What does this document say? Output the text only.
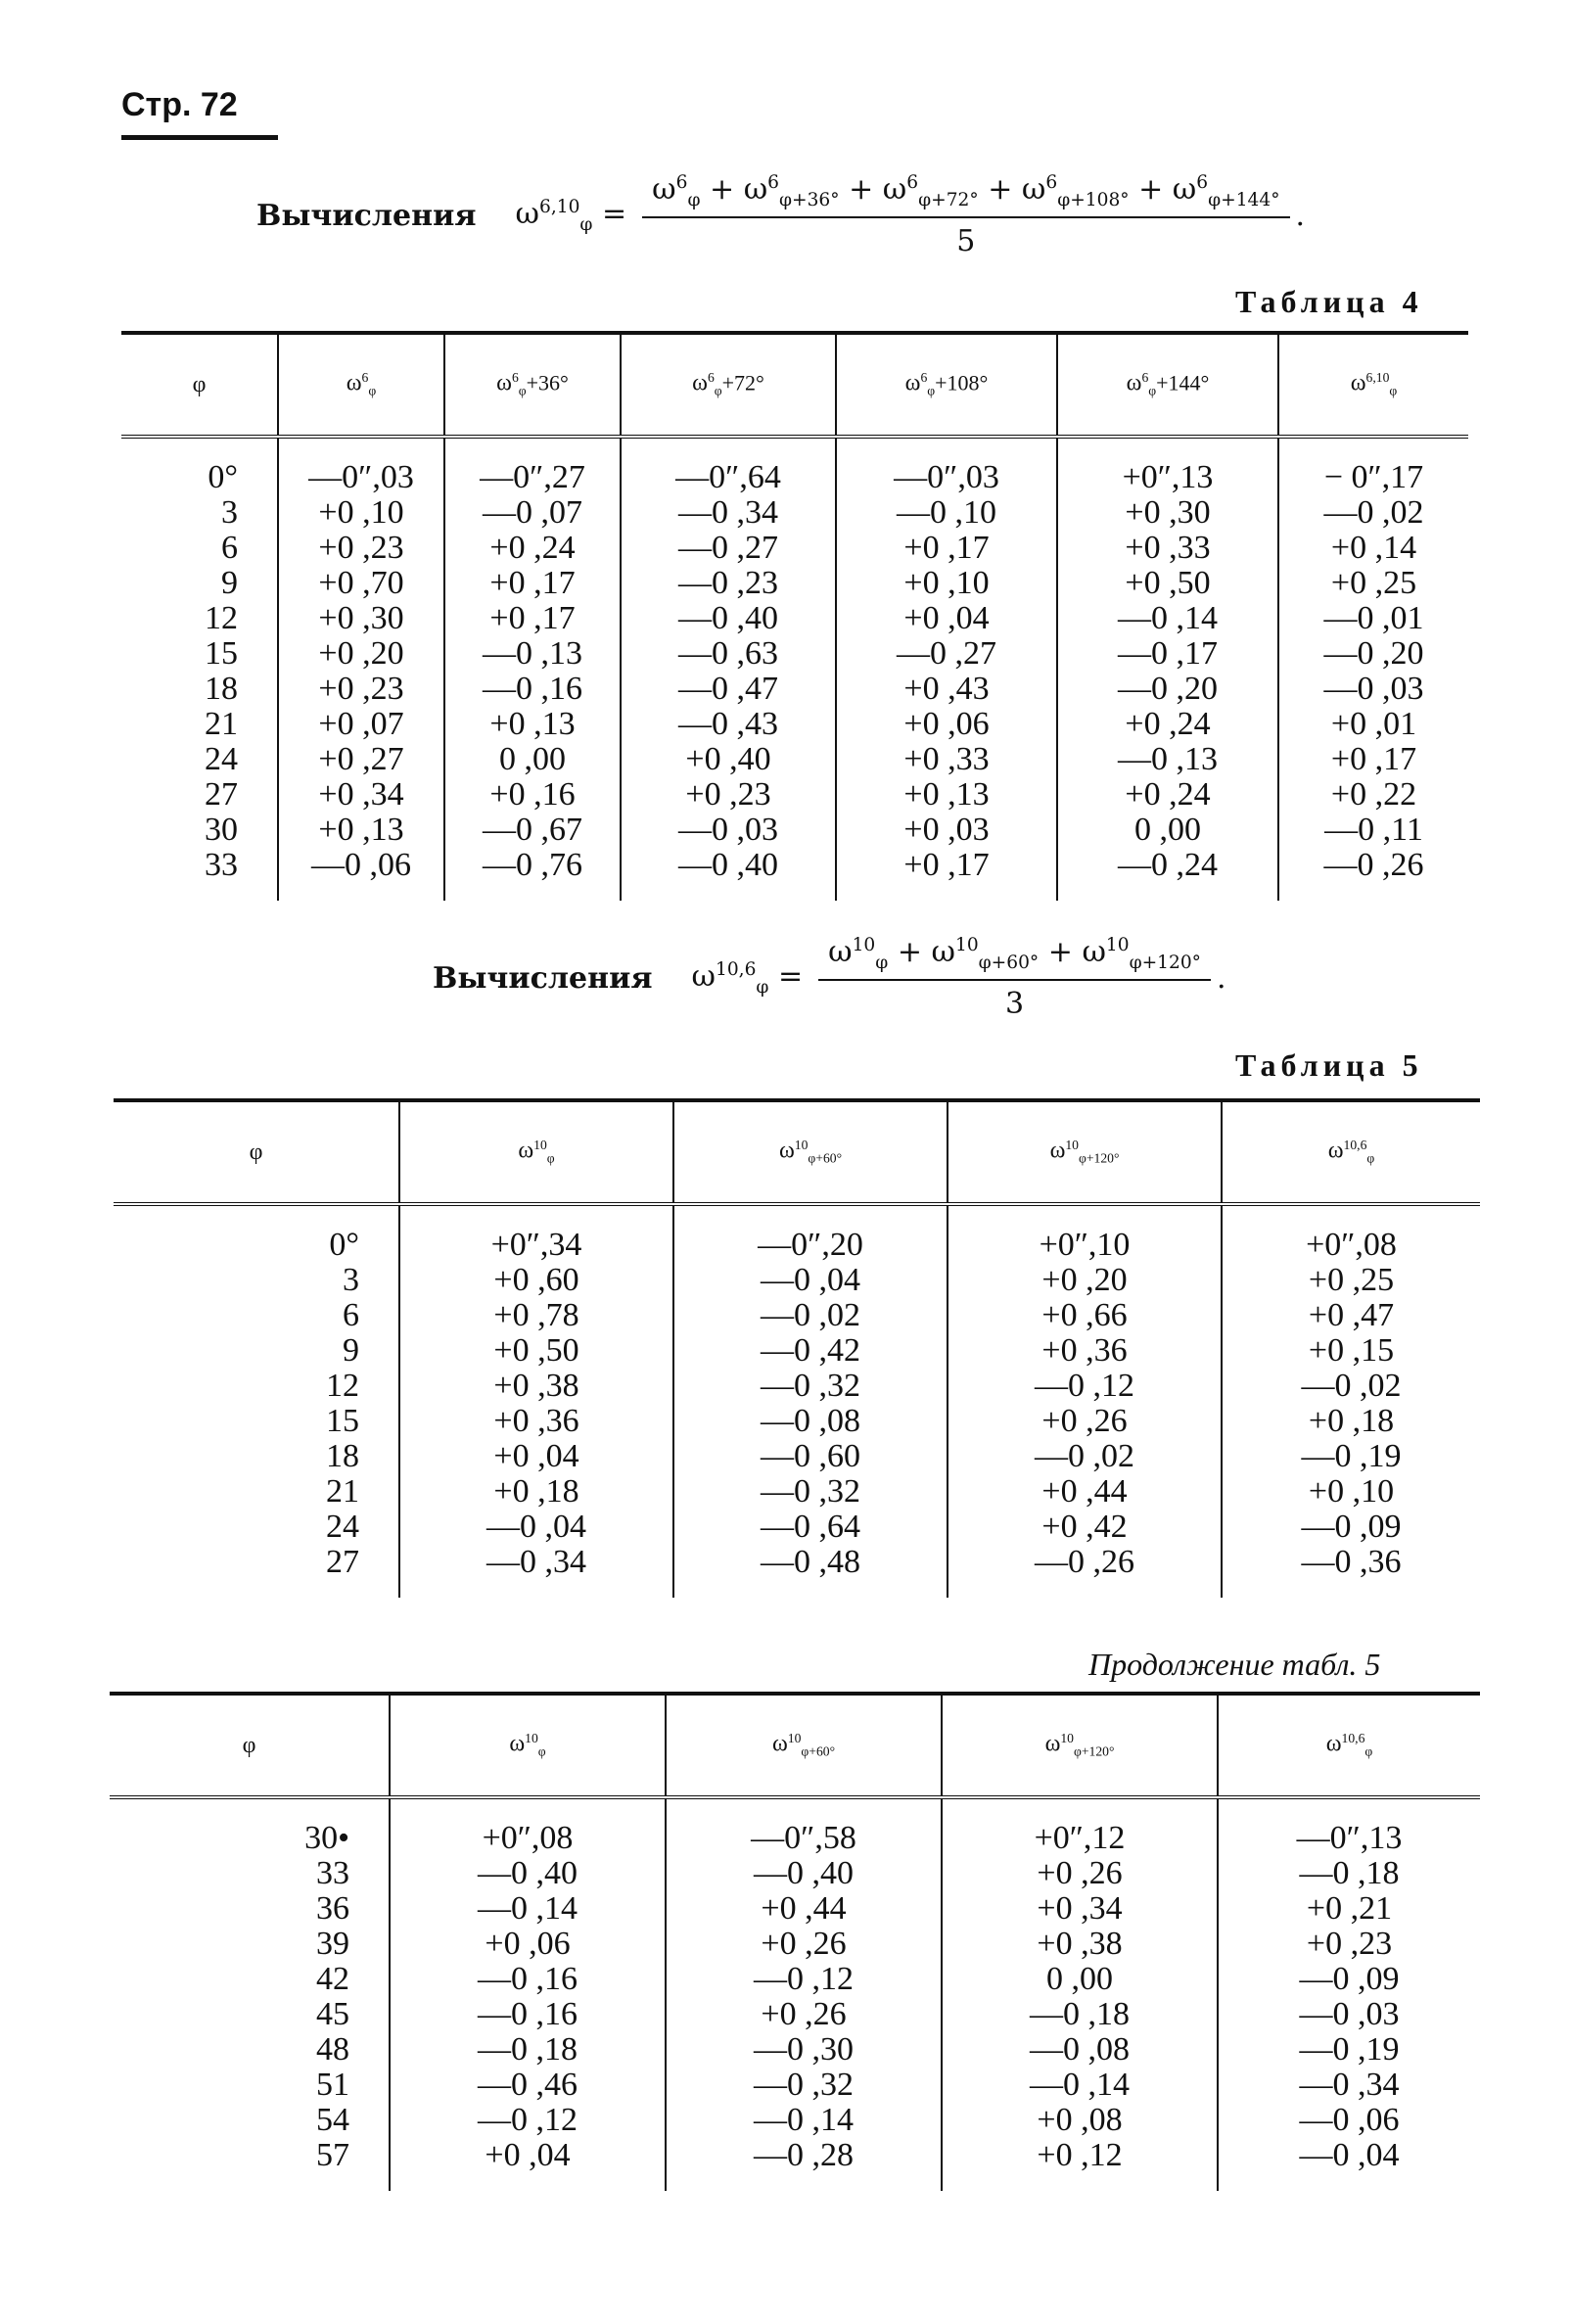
Стр. 72
Вычисления $\omega^{6,10}_\varphi = \frac{\omega^6_\varphi + \omega^6_{\varphi+36^\circ} + \omega^6_{\varphi+72^\circ} + \omega^6_{\varphi+108^\circ} + \omega^6_{\varphi+144^\circ}}{5}$ .
Таблица 4
φ	$\omega^6_\varphi$	$\omega^6_\varphi+36^\circ$	$\omega^6_\varphi+72^\circ$	$\omega^6_\varphi+108^\circ$	$\omega^6_\varphi+144^\circ$	$\omega^{6,10}_\varphi$
0°	—0″,03	—0″,27	—0″,64	—0″,03	+0″,13	− 0″,17
3	+0 ,10	—0 ,07	—0 ,34	—0 ,10	+0 ,30	—0 ,02
6	+0 ,23	+0 ,24	—0 ,27	+0 ,17	+0 ,33	+0 ,14
9	+0 ,70	+0 ,17	—0 ,23	+0 ,10	+0 ,50	+0 ,25
12	+0 ,30	+0 ,17	—0 ,40	+0 ,04	—0 ,14	—0 ,01
15	+0 ,20	—0 ,13	—0 ,63	—0 ,27	—0 ,17	—0 ,20
18	+0 ,23	—0 ,16	—0 ,47	+0 ,43	—0 ,20	—0 ,03
21	+0 ,07	+0 ,13	—0 ,43	+0 ,06	+0 ,24	+0 ,01
24	+0 ,27	0 ,00	+0 ,40	+0 ,33	—0 ,13	+0 ,17
27	+0 ,34	+0 ,16	+0 ,23	+0 ,13	+0 ,24	+0 ,22
30	+0 ,13	—0 ,67	—0 ,03	+0 ,03	0 ,00	—0 ,11
33	—0 ,06	—0 ,76	—0 ,40	+0 ,17	—0 ,24	—0 ,26
Вычисления $\omega^{10,6}_\varphi = \frac{\omega^{10}_\varphi + \omega^{10}_{\varphi+60^\circ} + \omega^{10}_{\varphi+120^\circ}}{3}$ .
Таблица 5
φ	$\omega^{10}_\varphi$	$\omega^{10}_{\varphi+60^\circ}$	$\omega^{10}_{\varphi+120^\circ}$	$\omega^{10,6}_\varphi$
0°	+0″,34	—0″,20	+0″,10	+0″,08
3	+0 ,60	—0 ,04	+0 ,20	+0 ,25
6	+0 ,78	—0 ,02	+0 ,66	+0 ,47
9	+0 ,50	—0 ,42	+0 ,36	+0 ,15
12	+0 ,38	—0 ,32	—0 ,12	—0 ,02
15	+0 ,36	—0 ,08	+0 ,26	+0 ,18
18	+0 ,04	—0 ,60	—0 ,02	—0 ,19
21	+0 ,18	—0 ,32	+0 ,44	+0 ,10
24	—0 ,04	—0 ,64	+0 ,42	—0 ,09
27	—0 ,34	—0 ,48	—0 ,26	—0 ,36
Продолжение табл. 5
φ	$\omega^{10}_\varphi$	$\omega^{10}_{\varphi+60^\circ}$	$\omega^{10}_{\varphi+120^\circ}$	$\omega^{10,6}_\varphi$
30•	+0″,08	—0″,58	+0″,12	—0″,13
33	—0 ,40	—0 ,40	+0 ,26	—0 ,18
36	—0 ,14	+0 ,44	+0 ,34	+0 ,21
39	+0 ,06	+0 ,26	+0 ,38	+0 ,23
42	—0 ,16	—0 ,12	0 ,00	—0 ,09
45	—0 ,16	+0 ,26	—0 ,18	—0 ,03
48	—0 ,18	—0 ,30	—0 ,08	—0 ,19
51	—0 ,46	—0 ,32	—0 ,14	—0 ,34
54	—0 ,12	—0 ,14	+0 ,08	—0 ,06
57	+0 ,04	—0 ,28	+0 ,12	—0 ,04
